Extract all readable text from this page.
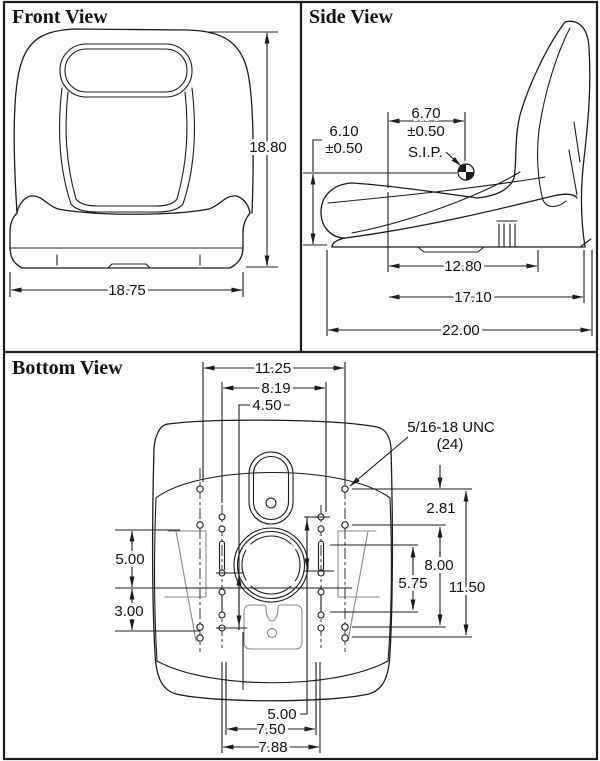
Front View
18.80
18.75
Side View
S.I.P.
6.70
±0.50
6.10
±0.50
12.80
17.10
22.00
Bottom View
5/16-18 UNC
(24)
11.25
8.19
4.50
5.00
3.00
2.81
8.00
5.75 11.50
5.00
7.50
7.88
